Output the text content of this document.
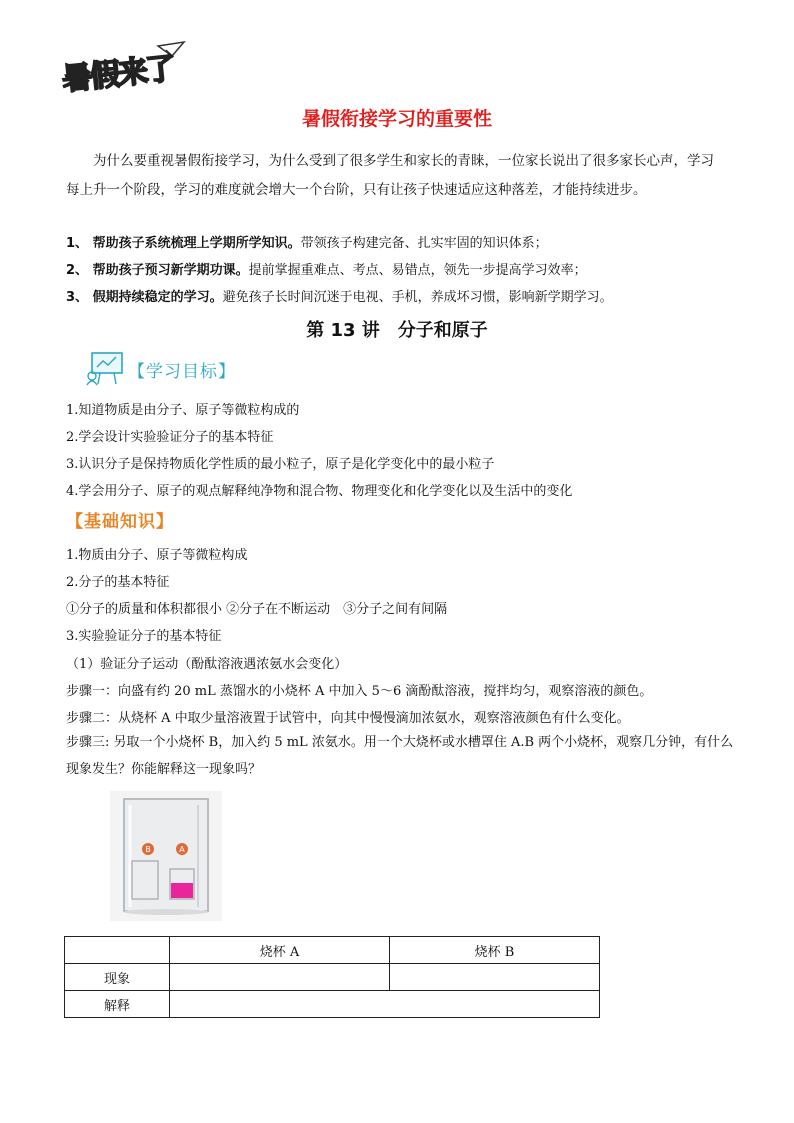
暑假来了
暑假衔接学习的重要性
为什么要重视暑假衔接学习，为什么受到了很多学生和家长的青睐，一位家长说出了很多家长心声，学习每上升一个阶段，学习的难度就会增大一个台阶，只有让孩子快速适应这种落差，才能持续进步。
1、 帮助孩子系统梳理上学期所学知识。带领孩子构建完备、扎实牢固的知识体系；
2、 帮助孩子预习新学期功课。提前掌握重难点、考点、易错点，领先一步提高学习效率；
3、 假期持续稳定的学习。避免孩子长时间沉迷于电视、手机，养成坏习惯，影响新学期学习。
第 13 讲　分子和原子
【学习目标】
1.知道物质是由分子、原子等微粒构成的
2.学会设计实验验证分子的基本特征
3.认识分子是保持物质化学性质的最小粒子，原子是化学变化中的最小粒子
4.学会用分子、原子的观点解释纯净物和混合物、物理变化和化学变化以及生活中的变化
【基础知识】
1.物质由分子、原子等微粒构成
2.分子的基本特征
①分子的质量和体积都很小 ②分子在不断运动　③分子之间有间隔
3.实验验证分子的基本特征
（1）验证分子运动（酚酞溶液遇浓氨水会变化）
步骤一：向盛有约 20 mL 蒸馏水的小烧杯 A 中加入 5～6 滴酚酞溶液，搅拌均匀，观察溶液的颜色。
步骤二：从烧杯 A 中取少量溶液置于试管中，向其中慢慢滴加浓氨水，观察溶液颜色有什么变化。
步骤三: 另取一个小烧杯 B，加入约 5 mL 浓氨水。用一个大烧杯或水槽罩住 A.B 两个小烧杯，观察几分钟，有什么现象发生？你能解释这一现象吗？
B	A
	烧杯 A	烧杯 B
现象		
解释		
